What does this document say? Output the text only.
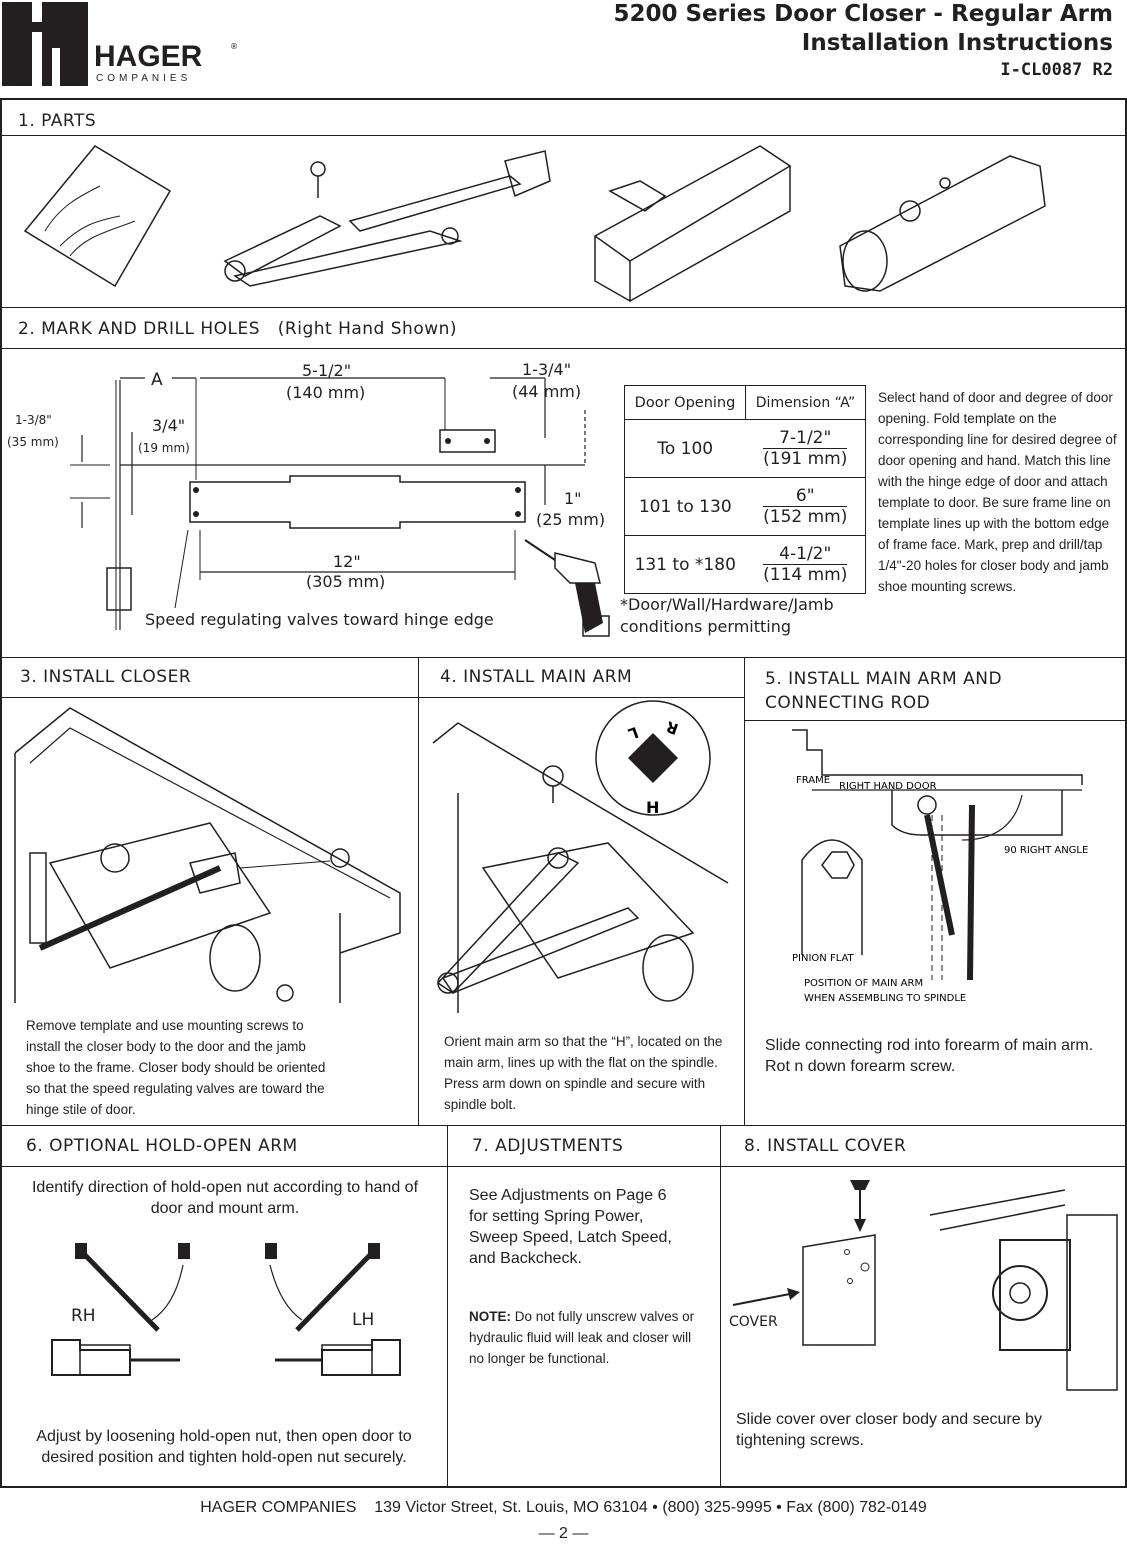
HAGER	®
COMPANIES
5200 Series Door Closer - Regular Arm
Installation Instructions
I-CL0087 R2
1. PARTS
2. MARK AND DRILL HOLES (Right Hand Shown)
A	5-1/2"
(140 mm)
1-3/4"
(44 mm)
1-3/8"
(35 mm)
3/4"
(19 mm)
1"
(25 mm)
12"
(305 mm)
Speed regulating valves toward hinge edge
Door Opening	Dimension “A”
To 100	$\frac{7-1/2"}{(191 mm)}$
101 to 130	$\frac{6"}{(152 mm)}$
131 to *180	$\frac{4-1/2"}{(114 mm)}$
*Door/Wall/Hardware/Jamb conditions permitting
Select hand of door and degree of door opening. Fold template on the corresponding line for desired degree of door opening and hand. Match this line with the hinge edge of door and attach template to door. Be sure frame line on template lines up with the bottom edge of frame face. Mark, prep and drill/tap 1/4"-20 holes for closer body and jamb shoe mounting screws.
3. INSTALL CLOSER	4. INSTALL MAIN ARM	5. INSTALL MAIN ARM AND
CONNECTING ROD
Remove template and use mounting screws to install the closer body to the door and the jamb shoe to the frame. Closer body should be oriented so that the speed regulating valves are toward the hinge stile of door.
H
L R
Orient main arm so that the “H”, located on the main arm, lines up with the flat on the spindle. Press arm down on spindle and secure with spindle bolt.
FRAME
RIGHT HAND DOOR
90 RIGHT ANGLE
PINION FLAT
POSITION OF MAIN ARM
WHEN ASSEMBLING TO SPINDLE
Slide connecting rod into forearm of main arm. Rot n down forearm screw.
6. OPTIONAL HOLD-OPEN ARM	7. ADJUSTMENTS	8. INSTALL COVER
Identify direction of hold-open nut according to hand of door and mount arm.
RH	LH
Adjust by loosening hold-open nut, then open door to desired position and tighten hold-open nut securely.
See Adjustments on Page 6 for setting Spring Power, Sweep Speed, Latch Speed, and Backcheck.
NOTE: Do not fully unscrew valves or hydraulic fluid will leak and closer will no longer be functional.
COVER
Slide cover over closer body and secure by tightening screws.
HAGER COMPANIES 139 Victor Street, St. Louis, MO 63104 • (800) 325-9995 • Fax (800) 782-0149
— 2 —
